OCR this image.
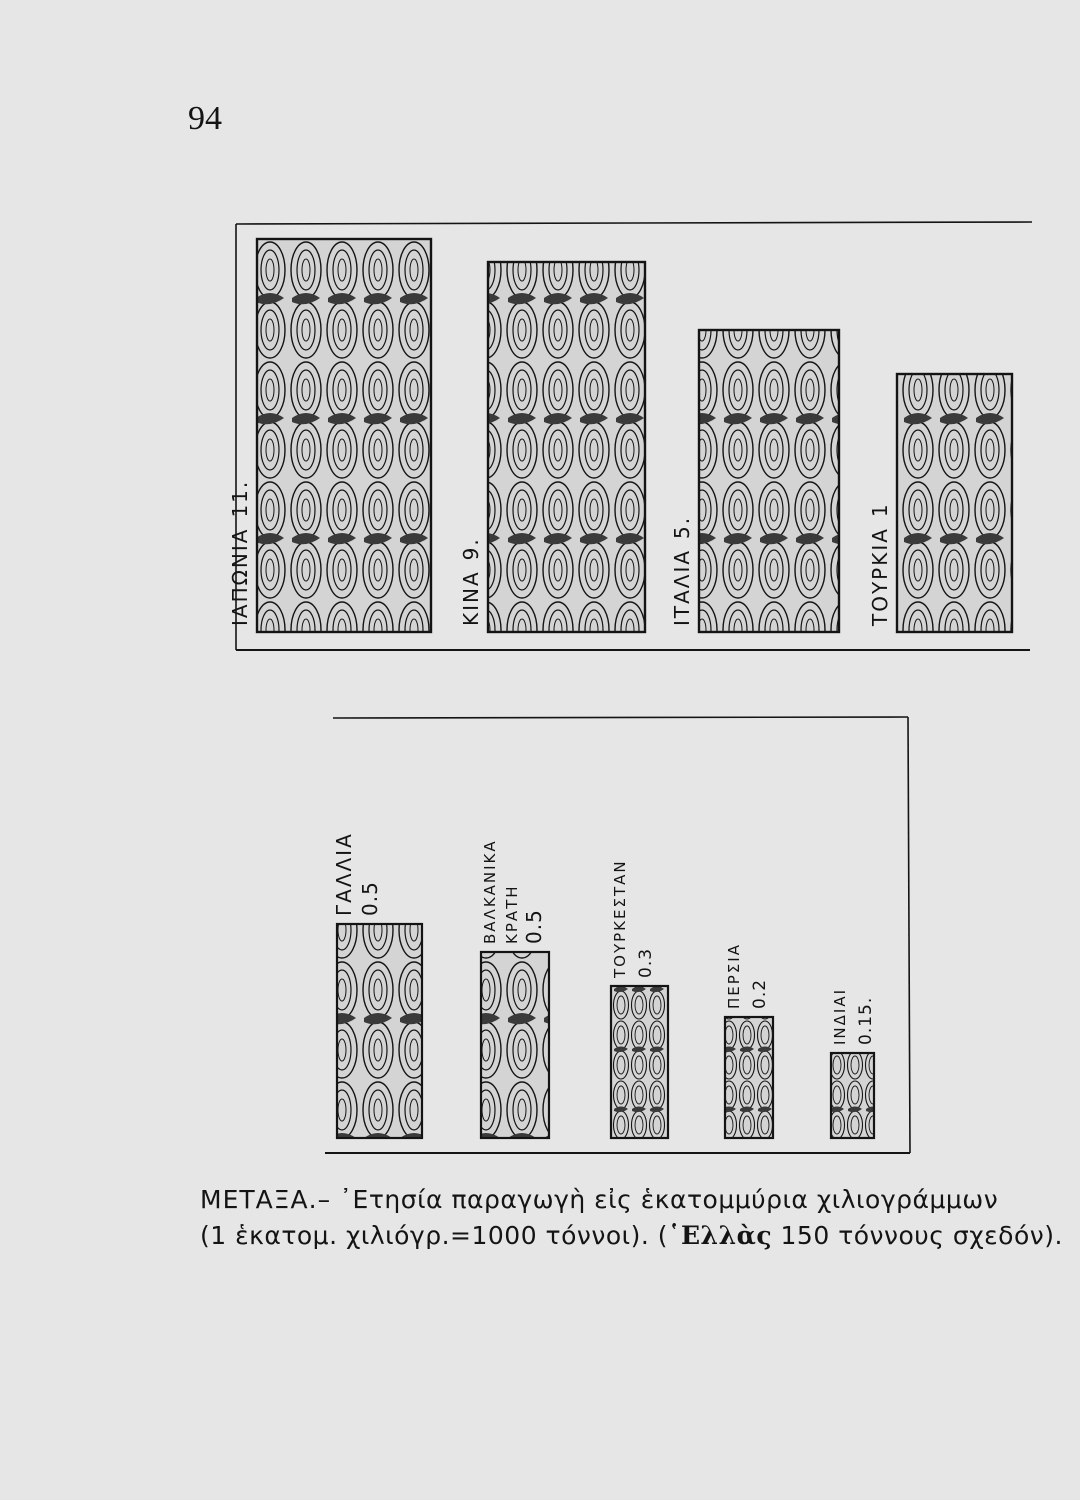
94
ΙΑΠΩΝΙΑ11.
ΚΙΝΑ9.
ΙΤΑΛΙΑ5.	ΤΟΥΡΚΙΑ1
ΓΑΛΛΙΑ 0.5	ΒΑΛΚΑΝΙΚΑ ΚΡΑΤΗ 0.5	ΤΟΥΡΚΕΣΤΑΝ 0.3	ΠΕΡΣΙΑ 0.2	ΙΝΔΙΑΙ 0.15.
ΜΕΤΑΞΑ.– ᾿Ετησία παραγωγὴ εἰς ἑκατομμύρια χιλιογράμμων
(1 ἑκατομ. χιλιόγρ.=1000 τόννοι). (῾Ελλὰς 150 τόννους σχεδόν).
